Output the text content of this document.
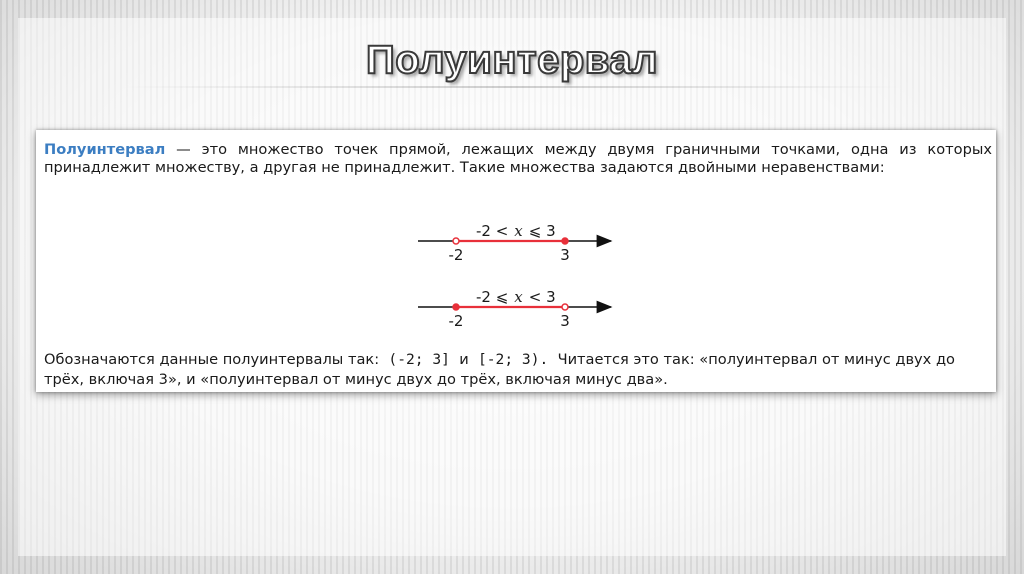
Полуинтервал

Полуинтервал — это множество точек прямой, лежащих между двумя граничными точками, одна из которых принадлежит множеству, а другая не принадлежит. Такие множества задаются двойными неравенствами:

-2 < x ⩽ 3
-2	3
-2 ⩽ x < 3
-2	3

Обозначаются данные полуинтервалы так: (-2; 3] и [-2; 3). Читается это так: «полуинтервал от минус двух до трёх, включая 3», и «полуинтервал от минус двух до трёх, включая минус два».
